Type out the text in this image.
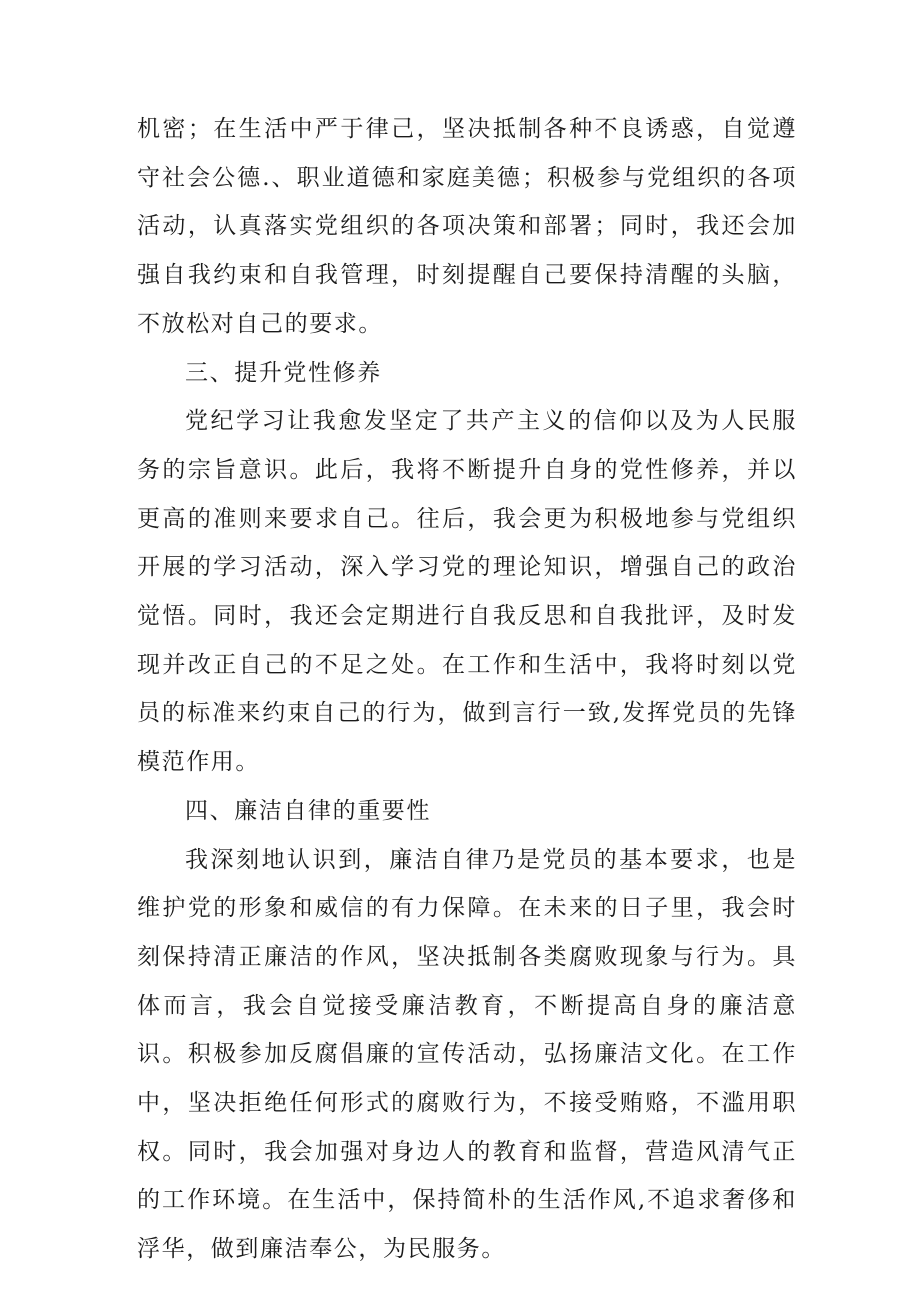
机密；在生活中严于律己，坚决抵制各种不良诱惑，自觉遵守社会公德.、职业道德和家庭美德；积极参与党组织的各项活动，认真落实党组织的各项决策和部署；同时，我还会加强自我约束和自我管理，时刻提醒自己要保持清醒的头脑，不放松对自己的要求。

三、提升党性修养

党纪学习让我愈发坚定了共产主义的信仰以及为人民服务的宗旨意识。此后，我将不断提升自身的党性修养，并以更高的准则来要求自己。往后，我会更为积极地参与党组织开展的学习活动，深入学习党的理论知识，增强自己的政治觉悟。同时，我还会定期进行自我反思和自我批评，及时发现并改正自己的不足之处。在工作和生活中，我将时刻以党员的标准来约束自己的行为，做到言行一致,发挥党员的先锋模范作用。

四、廉洁自律的重要性

我深刻地认识到，廉洁自律乃是党员的基本要求，也是维护党的形象和威信的有力保障。在未来的日子里，我会时刻保持清正廉洁的作风，坚决抵制各类腐败现象与行为。具体而言，我会自觉接受廉洁教育，不断提高自身的廉洁意识。积极参加反腐倡廉的宣传活动，弘扬廉洁文化。在工作中，坚决拒绝任何形式的腐败行为，不接受贿赂，不滥用职权。同时，我会加强对身边人的教育和监督，营造风清气正的工作环境。在生活中，保持简朴的生活作风,不追求奢侈和浮华，做到廉洁奉公，为民服务。
